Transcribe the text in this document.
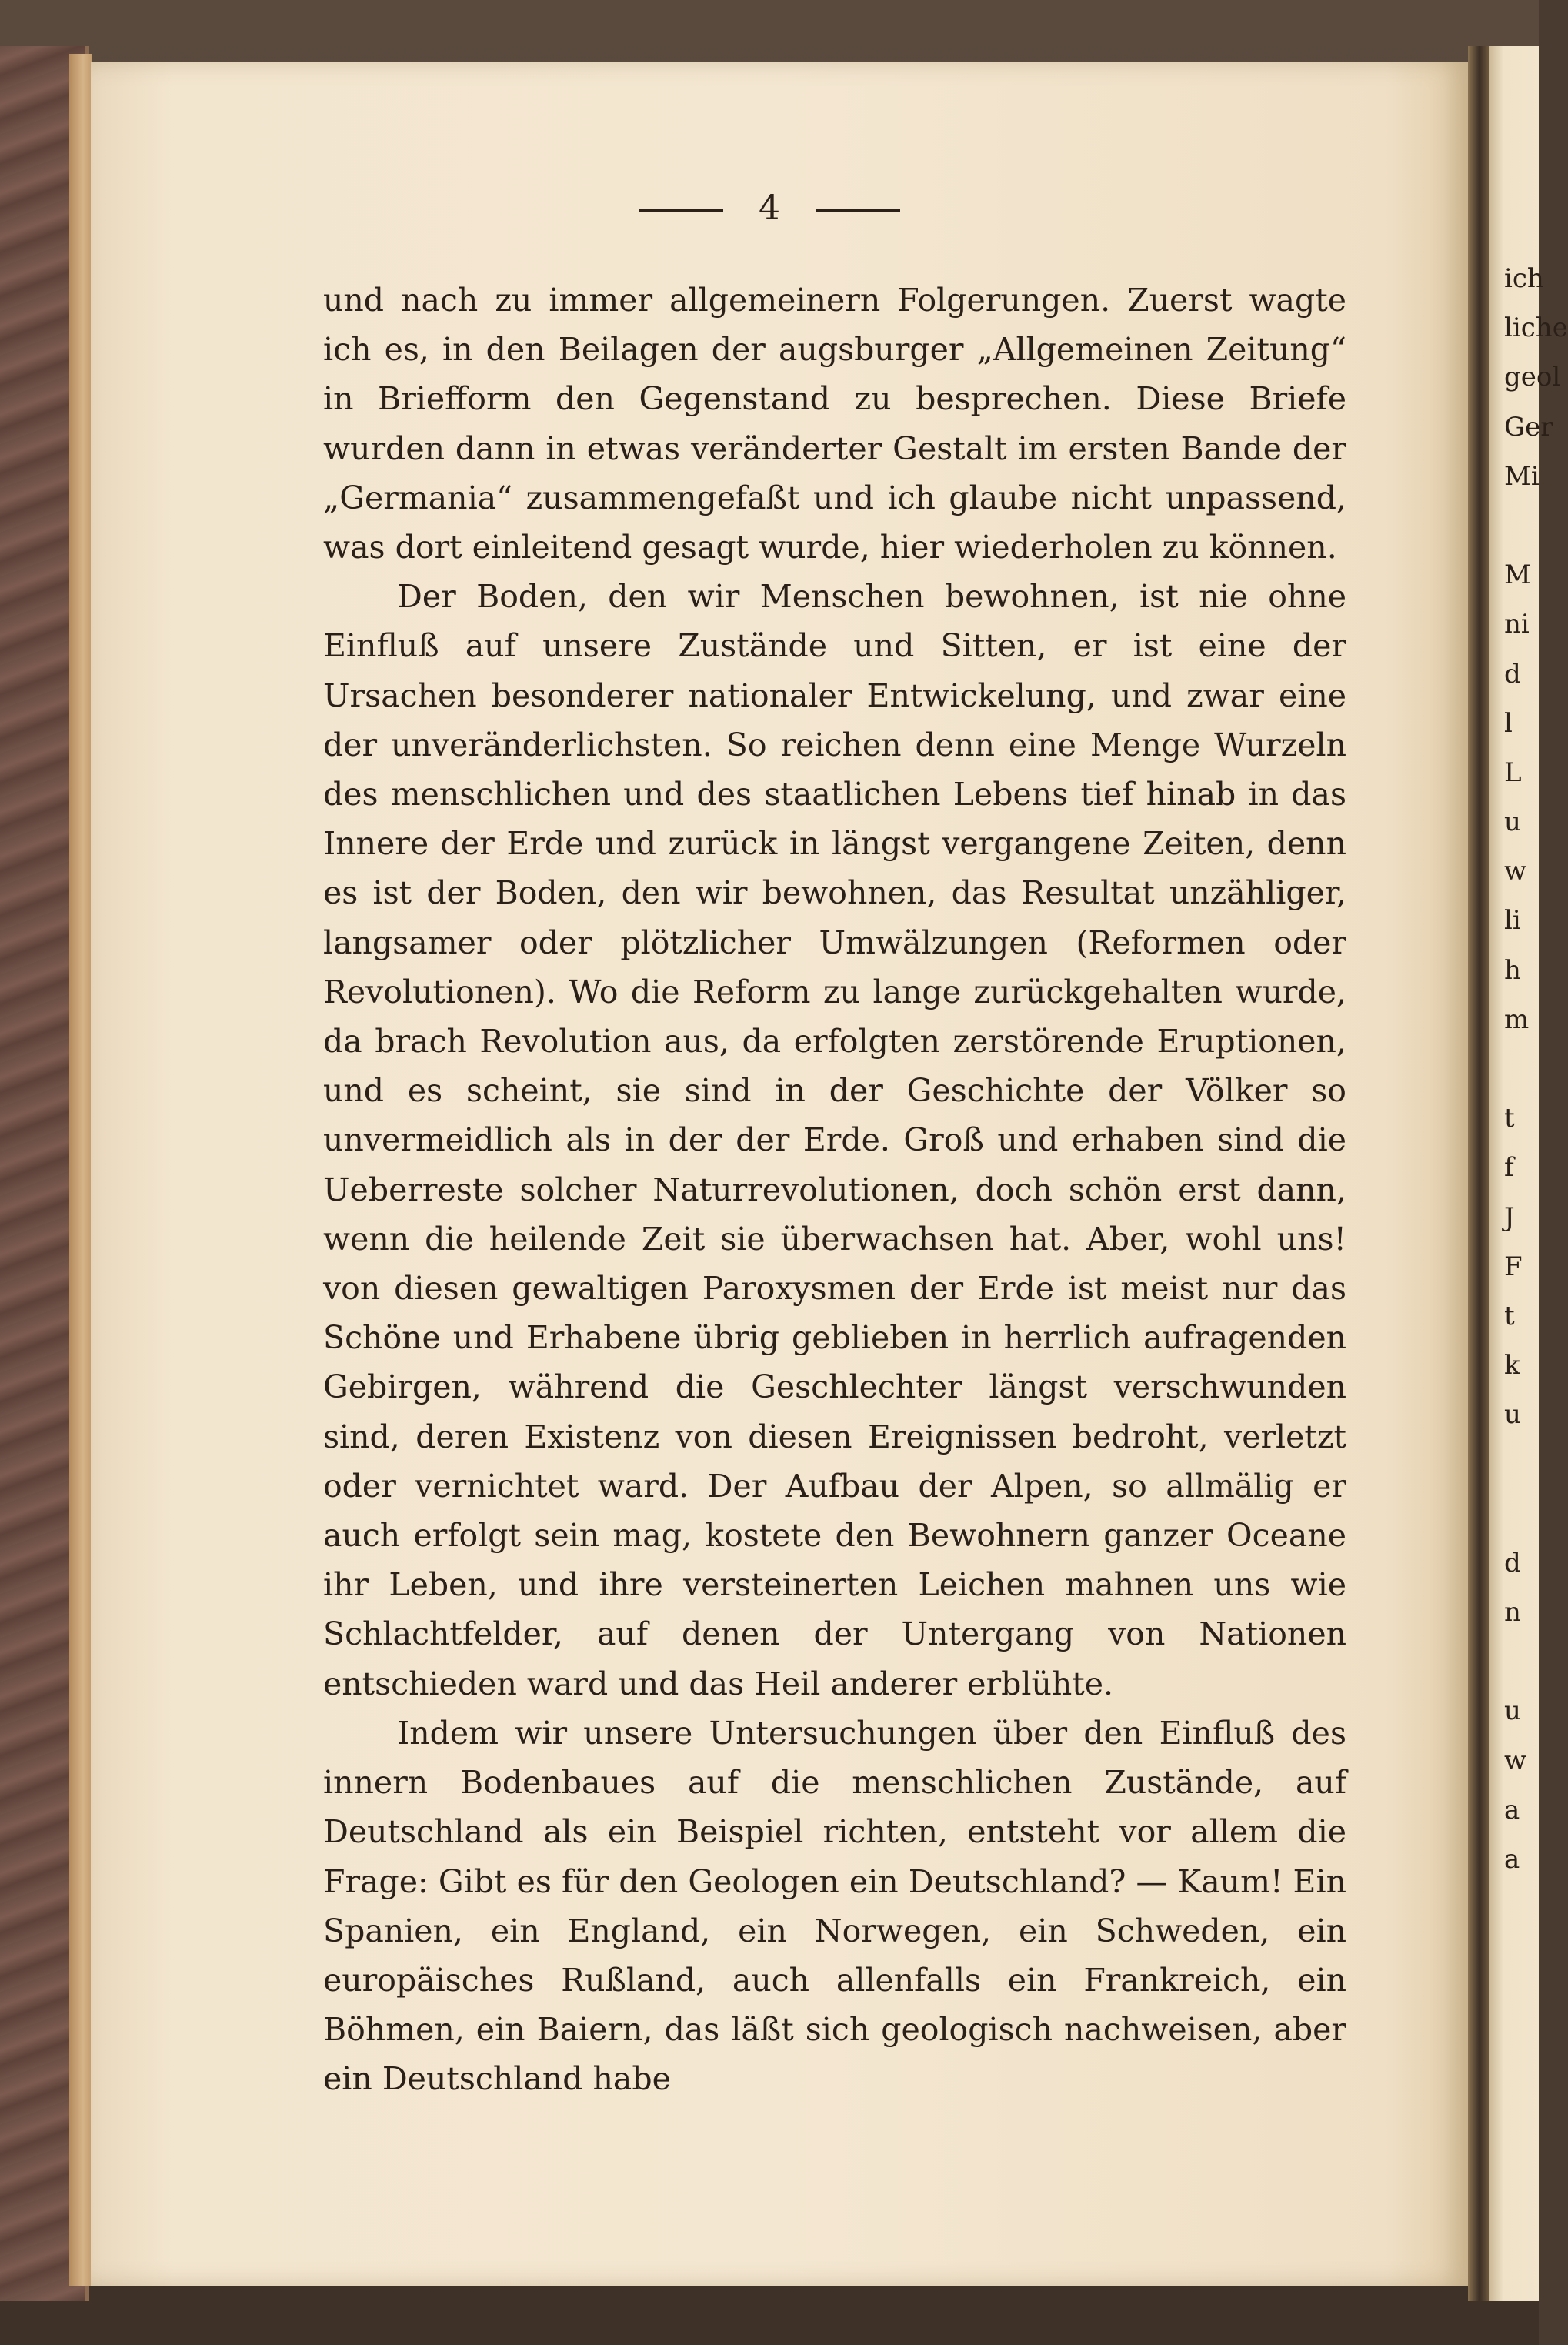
4

und nach zu immer allgemeinern Folgerungen. Zuerst wagte ich es, in den Beilagen der augsburger „Allgemeinen Zeitung“ in Briefform den Gegenstand zu besprechen. Diese Briefe wurden dann in etwas veränderter Gestalt im ersten Bande der „Germania“ zusammengefaßt und ich glaube nicht unpassend, was dort einleitend gesagt wurde, hier wiederholen zu können.

Der Boden, den wir Menschen bewohnen, ist nie ohne Einfluß auf unsere Zustände und Sitten, er ist eine der Ursachen besonderer nationaler Entwickelung, und zwar eine der unveränderlichsten. So reichen denn eine Menge Wurzeln des menschlichen und des staatlichen Lebens tief hinab in das Innere der Erde und zurück in längst vergangene Zeiten, denn es ist der Boden, den wir bewohnen, das Resultat unzähliger, langsamer oder plötzlicher Umwälzungen (Reformen oder Revolutionen). Wo die Reform zu lange zurückgehalten wurde, da brach Revolution aus, da erfolgten zerstörende Eruptionen, und es scheint, sie sind in der Geschichte der Völker so unvermeidlich als in der der Erde. Groß und erhaben sind die Ueberreste solcher Naturrevolutionen, doch schön erst dann, wenn die heilende Zeit sie überwachsen hat. Aber, wohl uns! von diesen gewaltigen Paroxysmen der Erde ist meist nur das Schöne und Erhabene übrig geblieben in herrlich aufragenden Gebirgen, während die Geschlechter längst verschwunden sind, deren Existenz von diesen Ereignissen bedroht, verletzt oder vernichtet ward. Der Aufbau der Alpen, so allmälig er auch erfolgt sein mag, kostete den Bewohnern ganzer Oceane ihr Leben, und ihre versteinerten Leichen mahnen uns wie Schlachtfelder, auf denen der Untergang von Nationen entschieden ward und das Heil anderer erblühte.

Indem wir unsere Untersuchungen über den Einfluß des innern Bodenbaues auf die menschlichen Zustände, auf Deutschland als ein Beispiel richten, entsteht vor allem die Frage: Gibt es für den Geologen ein Deutschland? — Kaum! Ein Spanien, ein England, ein Norwegen, ein Schweden, ein europäisches Rußland, auch allenfalls ein Frankreich, ein Böhmen, ein Baiern, das läßt sich geologisch nachweisen, aber ein Deutschland habe

ich
liche
geol
Ger
Mi
M
ni
d
l
L
u
w
li
h
m
t
f
J
F
t
k
u
d
n
u
w
a
a
